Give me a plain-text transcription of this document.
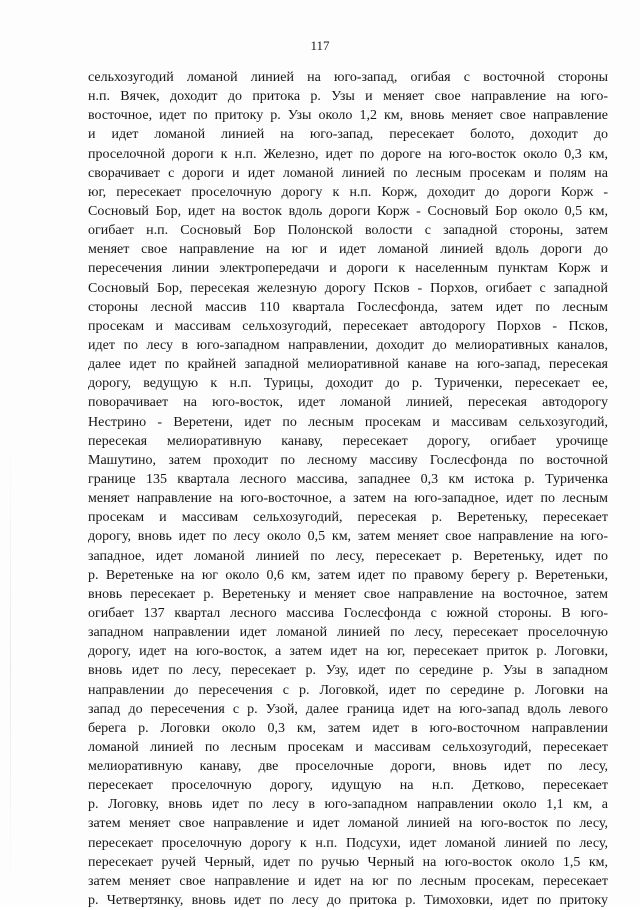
117
сельхозугодий ломаной линией на юго-запад, огибая с восточной стороны
н.п. Вячек, доходит до притока р. Узы и меняет свое направление на юго-
восточное, идет по притоку р. Узы около 1,2 км, вновь меняет свое направление
и идет ломаной линией на юго-запад, пересекает болото, доходит до
проселочной дороги к н.п. Железно, идет по дороге на юго-восток около 0,3 км,
сворачивает с дороги и идет ломаной линией по лесным просекам и полям на
юг, пересекает проселочную дорогу к н.п. Корж, доходит до дороги Корж -
Сосновый Бор, идет на восток вдоль дороги Корж - Сосновый Бор около 0,5 км,
огибает н.п. Сосновый Бор Полонской волости с западной стороны, затем
меняет свое направление на юг и идет ломаной линией вдоль дороги до
пересечения линии электропередачи и дороги к населенным пунктам Корж и
Сосновый Бор, пересекая железную дорогу Псков - Порхов, огибает с западной
стороны лесной массив 110 квартала Гослесфонда, затем идет по лесным
просекам и массивам сельхозугодий, пересекает автодорогу Порхов - Псков,
идет по лесу в юго-западном направлении, доходит до мелиоративных каналов,
далее идет по крайней западной мелиоративной канаве на юго-запад, пересекая
дорогу, ведущую к н.п. Турицы, доходит до р. Туриченки, пересекает ее,
поворачивает на юго-восток, идет ломаной линией, пересекая автодорогу
Нестрино - Веретени, идет по лесным просекам и массивам сельхозугодий,
пересекая мелиоративную канаву, пересекает дорогу, огибает урочище
Машутино, затем проходит по лесному массиву Гослесфонда по восточной
границе 135 квартала лесного массива, западнее 0,3 км истока р. Туриченка
меняет направление на юго-восточное, а затем на юго-западное, идет по лесным
просекам и массивам сельхозугодий, пересекая р. Веретеньку, пересекает
дорогу, вновь идет по лесу около 0,5 км, затем меняет свое направление на юго-
западное, идет ломаной линией по лесу, пересекает р. Веретеньку, идет по
р. Веретеньке на юг около 0,6 км, затем идет по правому берегу р. Веретеньки,
вновь пересекает р. Веретеньку и меняет свое направление на восточное, затем
огибает 137 квартал лесного массива Гослесфонда с южной стороны. В юго-
западном направлении идет ломаной линией по лесу, пересекает проселочную
дорогу, идет на юго-восток, а затем идет на юг, пересекает приток р. Логовки,
вновь идет по лесу, пересекает р. Узу, идет по середине р. Узы в западном
направлении до пересечения с р. Логовкой, идет по середине р. Логовки на
запад до пересечения с р. Узой, далее граница идет на юго-запад вдоль левого
берега р. Логовки около 0,3 км, затем идет в юго-восточном направлении
ломаной линией по лесным просекам и массивам сельхозугодий, пересекает
мелиоративную канаву, две проселочные дороги, вновь идет по лесу,
пересекает проселочную дорогу, идущую на н.п. Детково, пересекает
р. Логовку, вновь идет по лесу в юго-западном направлении около 1,1 км, а
затем меняет свое направление и идет ломаной линией на юго-восток по лесу,
пересекает проселочную дорогу к н.п. Подсухи, идет ломаной линией по лесу,
пересекает ручей Черный, идет по ручью Черный на юго-восток около 1,5 км,
затем меняет свое направление и идет на юг по лесным просекам, пересекает
р. Четвертянку, вновь идет по лесу до притока р. Тимоховки, идет по притоку
